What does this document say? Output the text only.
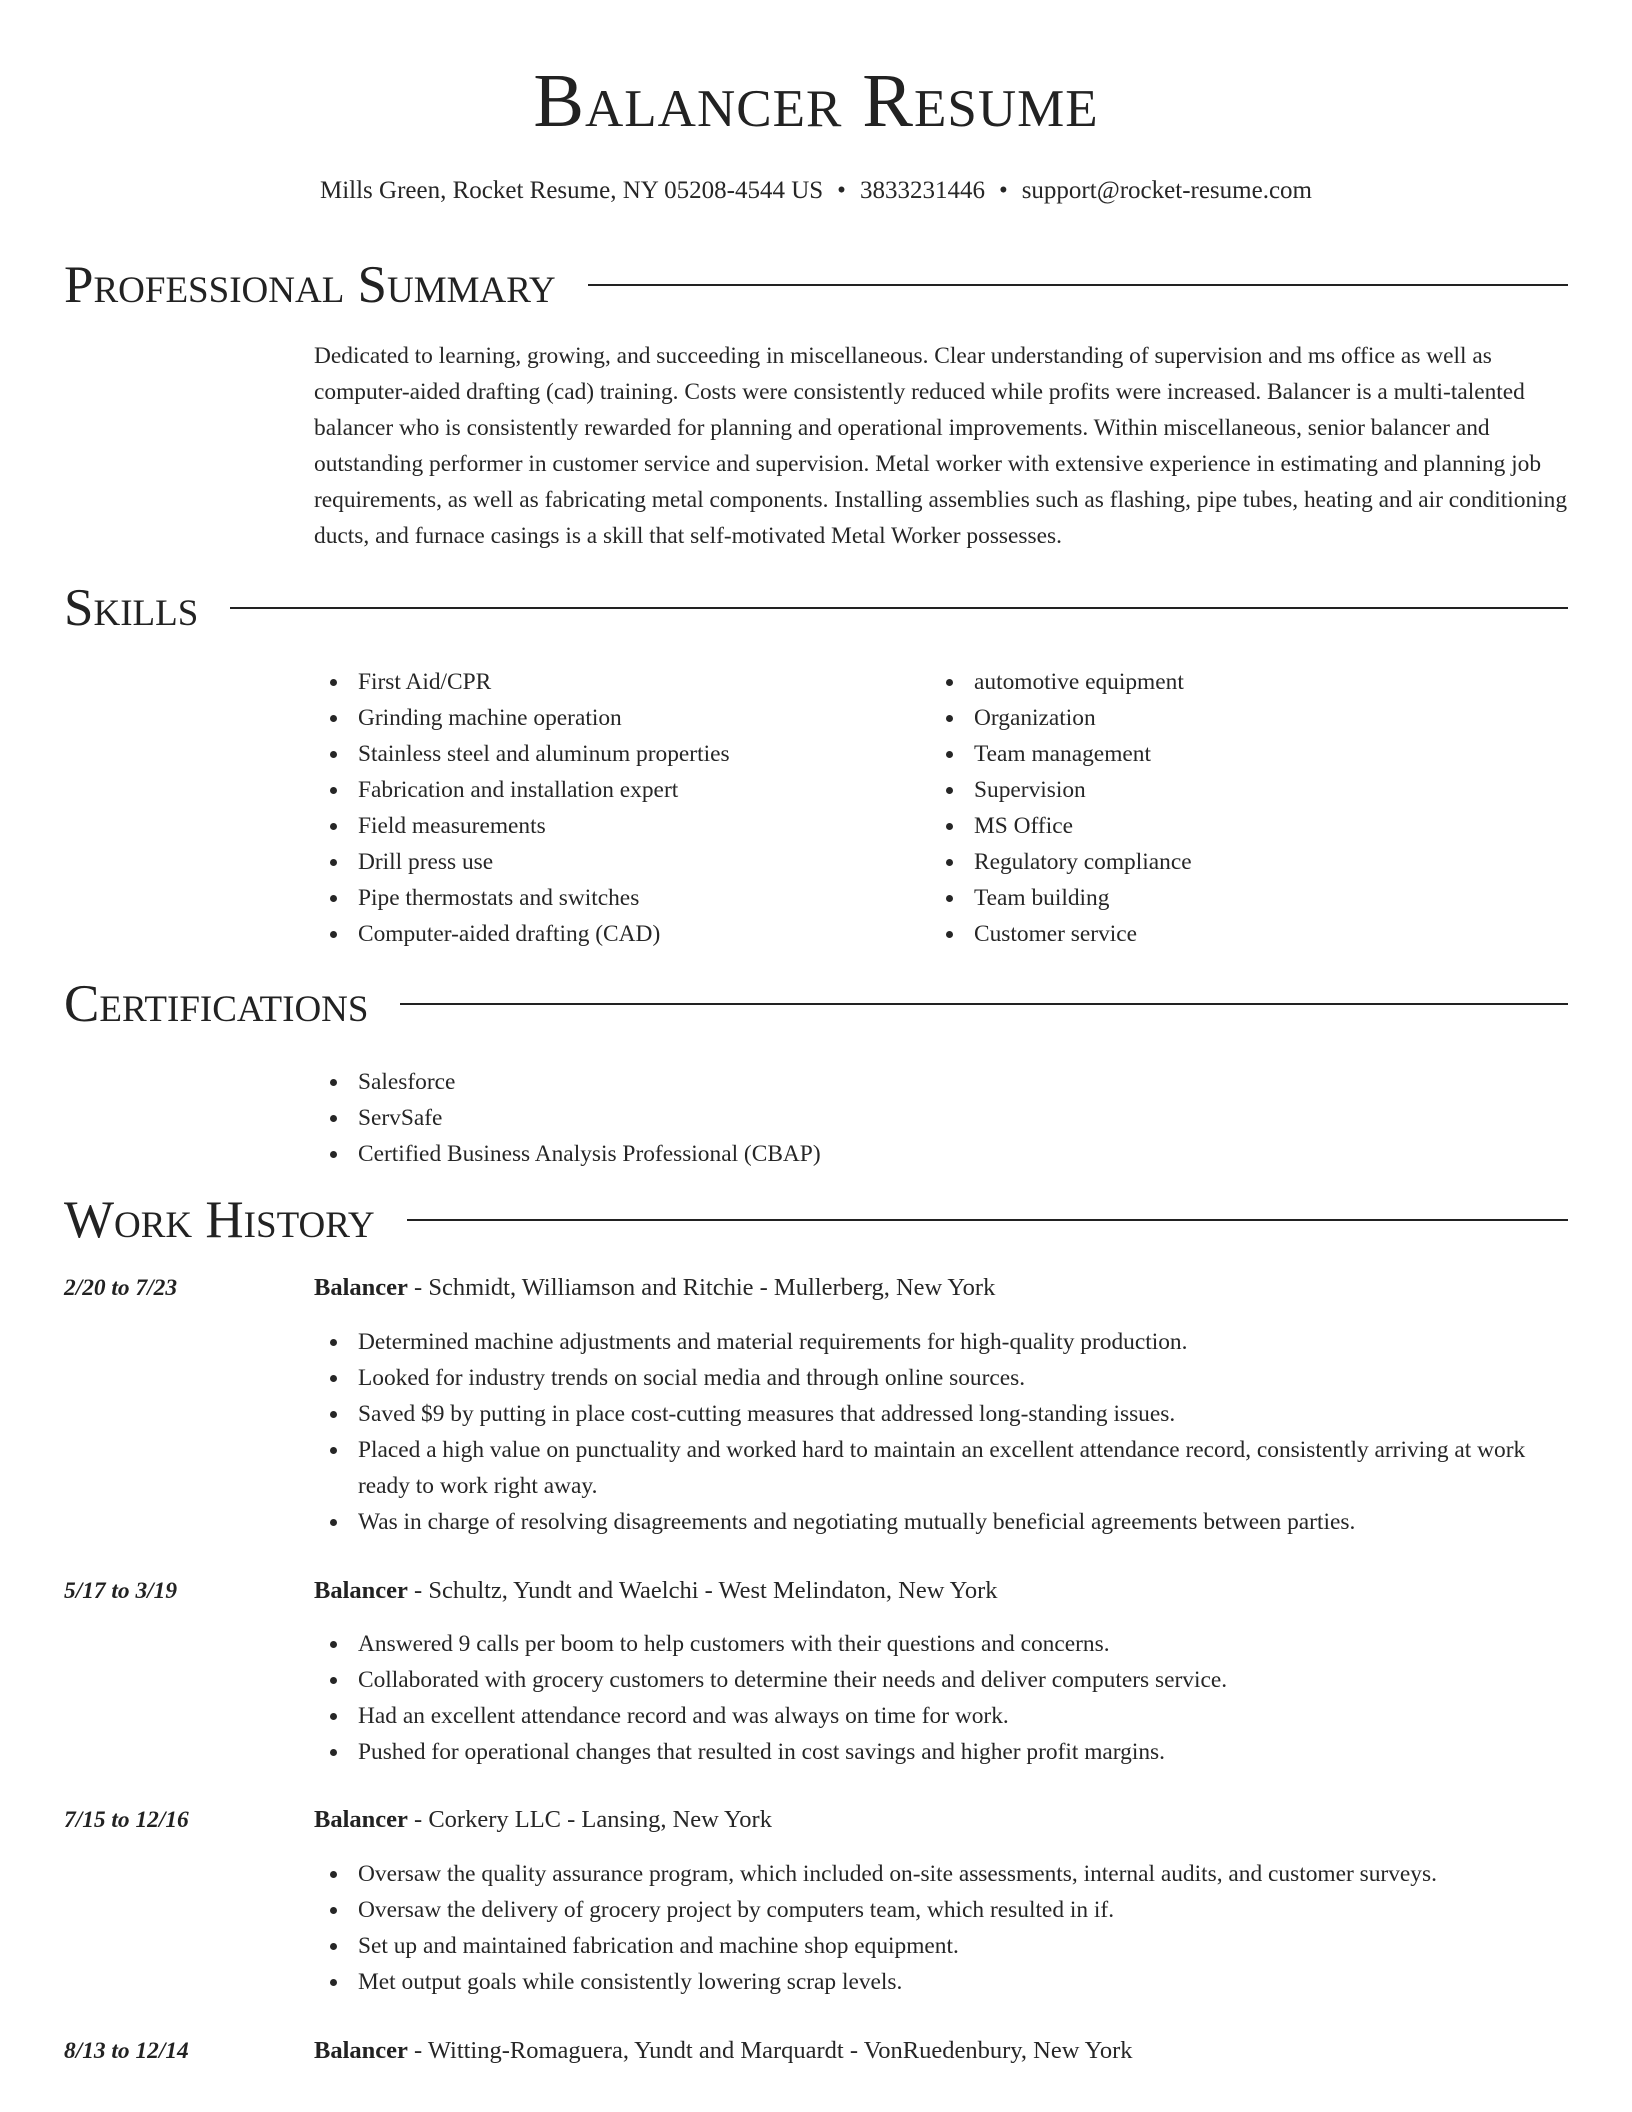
Balancer Resume
Mills Green, Rocket Resume, NY 05208-4544 US • 3833231446 • support@rocket-resume.com
Professional Summary

Dedicated to learning, growing, and succeeding in miscellaneous. Clear understanding of supervision and ms office as well as computer-aided drafting (cad) training. Costs were consistently reduced while profits were increased. Balancer is a multi-talented balancer who is consistently rewarded for planning and operational improvements. Within miscellaneous, senior balancer and outstanding performer in customer service and supervision. Metal worker with extensive experience in estimating and planning job requirements, as well as fabricating metal components. Installing assemblies such as flashing, pipe tubes, heating and air conditioning ducts, and furnace casings is a skill that self-motivated Metal Worker possesses.

Skills
First Aid/CPR
Grinding machine operation
Stainless steel and aluminum properties
Fabrication and installation expert
Field measurements
Drill press use
Pipe thermostats and switches
Computer-aided drafting (CAD)
automotive equipment
Organization
Team management
Supervision
MS Office
Regulatory compliance
Team building
Customer service
Certifications
Salesforce
ServSafe
Certified Business Analysis Professional (CBAP)
Work History
2/20 to 7/23	Balancer - Schmidt, Williamson and Ritchie - Mullerberg, New York
Determined machine adjustments and material requirements for high-quality production.
Looked for industry trends on social media and through online sources.
Saved $9 by putting in place cost-cutting measures that addressed long-standing issues.
Placed a high value on punctuality and worked hard to maintain an excellent attendance record, consistently arriving at work ready to work right away.
Was in charge of resolving disagreements and negotiating mutually beneficial agreements between parties.
5/17 to 3/19	Balancer - Schultz, Yundt and Waelchi - West Melindaton, New York
Answered 9 calls per boom to help customers with their questions and concerns.
Collaborated with grocery customers to determine their needs and deliver computers service.
Had an excellent attendance record and was always on time for work.
Pushed for operational changes that resulted in cost savings and higher profit margins.
7/15 to 12/16	Balancer - Corkery LLC - Lansing, New York
Oversaw the quality assurance program, which included on-site assessments, internal audits, and customer surveys.
Oversaw the delivery of grocery project by computers team, which resulted in if.
Set up and maintained fabrication and machine shop equipment.
Met output goals while consistently lowering scrap levels.
8/13 to 12/14	Balancer - Witting-Romaguera, Yundt and Marquardt - VonRuedenbury, New York
